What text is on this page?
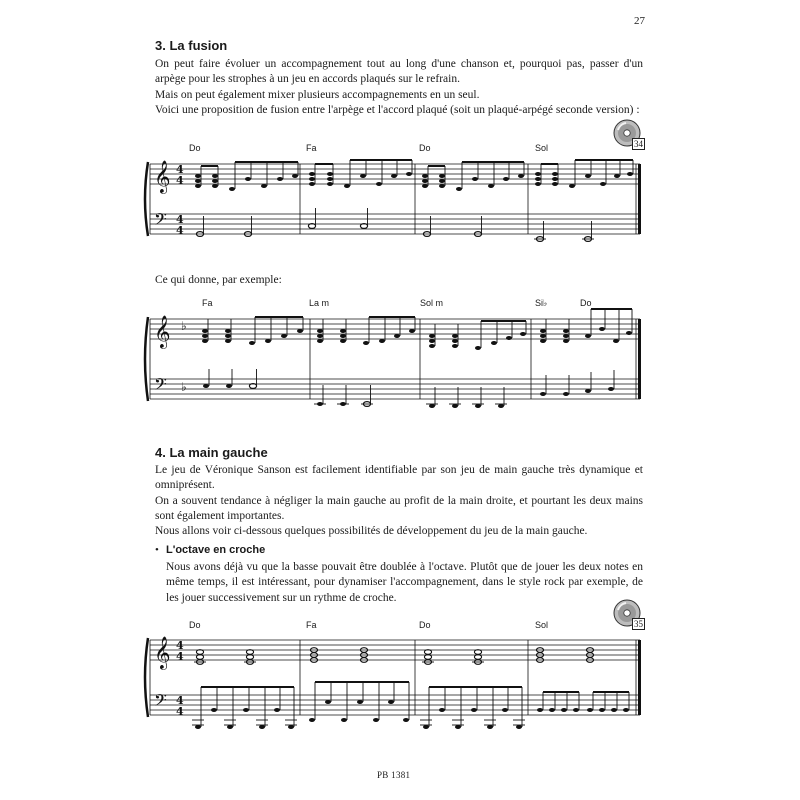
27
PB 1381
3. La fusion

On peut faire évoluer un accompagnement tout au long d'une chanson et, pourquoi pas, passer d'un arpège pour les strophes à un jeu en accords plaqués sur le refrain.

Mais on peut également mixer plusieurs accompagnements en un seul.

Voici une proposition de fusion entre l'arpège et l'accord plaqué (soit un plaqué-arpégé seconde version) :

34
Do	Fa	Do	Sol
𝄞
𝄢
4
4
4
4
Ce qui donne, par exemple:
Fa	La m	Sol m	Si♭	Do
𝄞
𝄢
♭
♭
4. La main gauche

Le jeu de Véronique Sanson est facilement identifiable par son jeu de main gauche très dynamique et omniprésent.

On a souvent tendance à négliger la main gauche au profit de la main droite, et pourtant les deux mains sont également importantes.

Nous allons voir ci-dessous quelques possibilités de développement du jeu de la main gauche.

• L'octave en croche
Nous avons déjà vu que la basse pouvait être doublée à l'octave. Plutôt que de jouer les deux notes en même temps, il est intéressant, pour dynamiser l'accompagnement, dans le style rock par exemple, de les jouer successivement sur un rythme de croche.
35
Do	Fa	Do	Sol
𝄞
𝄢
4
4
4
4
